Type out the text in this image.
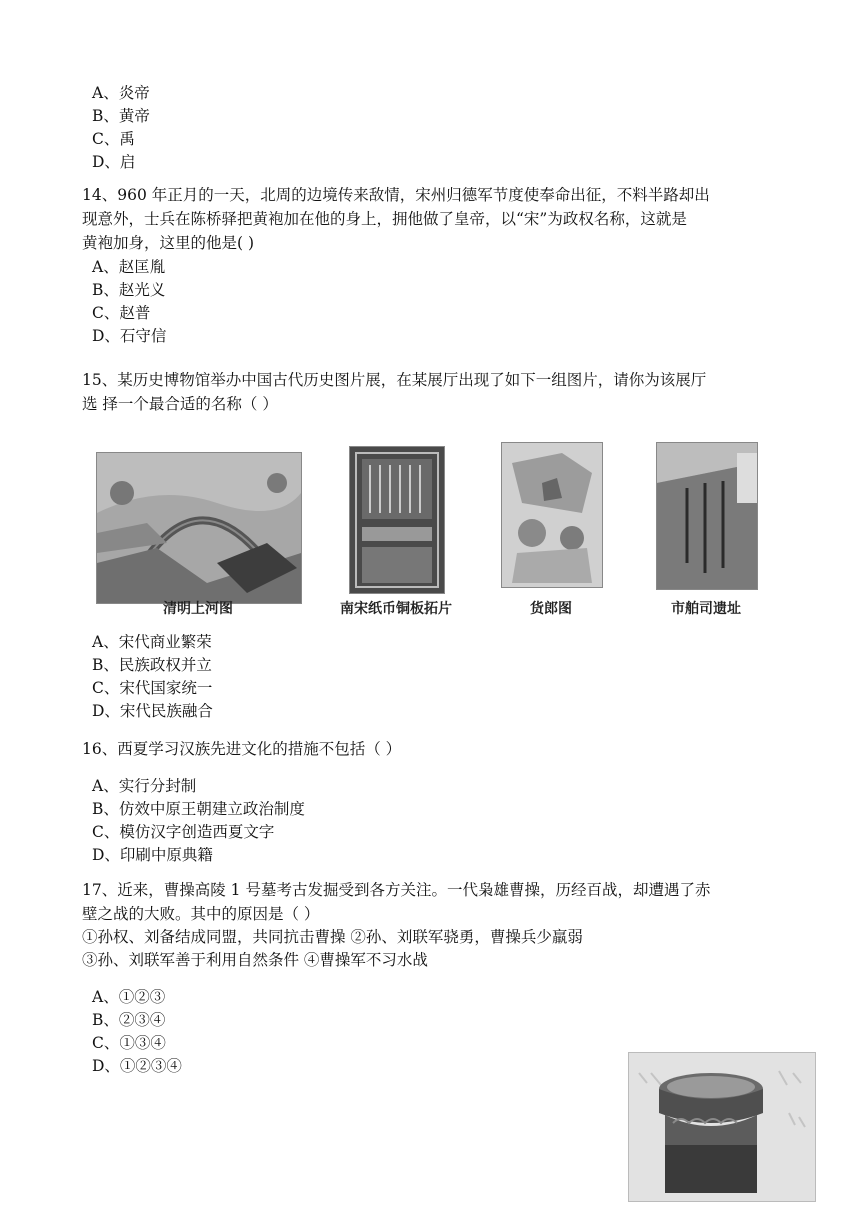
A、炎帝
B、黄帝
C、禹
D、启
14、960 年正月的一天，北周的边境传来敌情，宋州归德军节度使奉命出征，不料半路却出
现意外，士兵在陈桥驿把黄袍加在他的身上，拥他做了皇帝，以“宋”为政权名称，这就是
黄袍加身，这里的他是( )
A、赵匡胤
B、赵光义
C、赵普
D、石守信
15、某历史博物馆举办中国古代历史图片展，在某展厅出现了如下一组图片，请你为该展厅
选 择一个最合适的名称（ ）
清明上河图	南宋纸币铜板拓片	货郎图	市舶司遗址
A、宋代商业繁荣
B、民族政权并立
C、宋代国家统一
D、宋代民族融合
16、西夏学习汉族先进文化的措施不包括（ ）
A、实行分封制
B、仿效中原王朝建立政治制度
C、模仿汉字创造西夏文字
D、印刷中原典籍
17、近来，曹操高陵 1 号墓考古发掘受到各方关注。一代枭雄曹操，历经百战，却遭遇了赤
壁之战的大败。其中的原因是（ ）
①孙权、刘备结成同盟，共同抗击曹操 ②孙、刘联军骁勇，曹操兵少羸弱
③孙、刘联军善于利用自然条件 ④曹操军不习水战
A、①②③
B、②③④
C、①③④
D、①②③④
